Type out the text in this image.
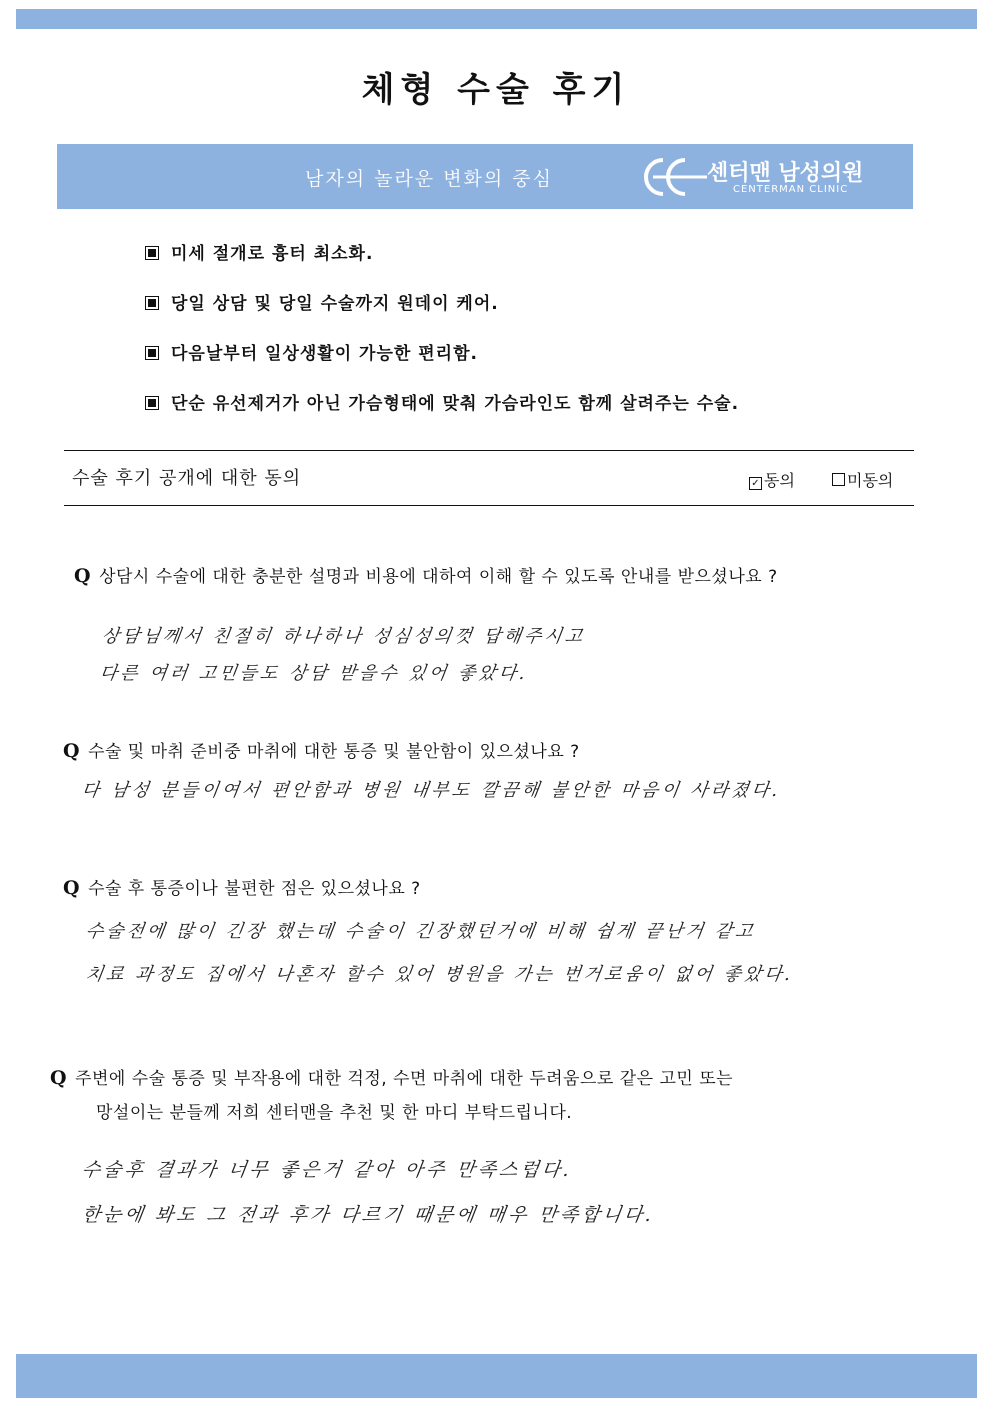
체형 수술 후기
남자의 놀라운 변화의 중심	센터맨 남성의원
CENTERMAN CLINIC
미세 절개로 흉터 최소화.
당일 상담 및 당일 수술까지 원데이 케어.
다음날부터 일상생활이 가능한 편리함.
단순 유선제거가 아닌 가슴형태에 맞춰 가슴라인도 함께 살려주는 수술.
수술 후기 공개에 대한 동의	✓ 동의	미동의
Q 상담시 수술에 대한 충분한 설명과 비용에 대하여 이해 할 수 있도록 안내를 받으셨나요 ?
상담님께서 친절히 하나하나 성심성의껏 답해주시고
다른 여러 고민들도 상담 받을수 있어 좋았다.
Q 수술 및 마취 준비중 마취에 대한 통증 및 불안함이 있으셨나요 ?
다 남성 분들이여서 편안함과 병원 내부도 깔끔해 불안한 마음이 사라졌다.
Q 수술 후 통증이나 불편한 점은 있으셨나요 ?
수술전에 많이 긴장 했는데 수술이 긴장했던거에 비해 쉽게 끝난거 같고
치료 과정도 집에서 나혼자 할수 있어 병원을 가는 번거로움이 없어 좋았다.
Q 주변에 수술 통증 및 부작용에 대한 걱정, 수면 마취에 대한 두려움으로 같은 고민 또는
망설이는 분들께 저희 센터맨을 추천 및 한 마디 부탁드립니다.
수술후 결과가 너무 좋은거 같아 아주 만족스럽다.
한눈에 봐도 그 전과 후가 다르기 때문에 매우 만족합니다.
